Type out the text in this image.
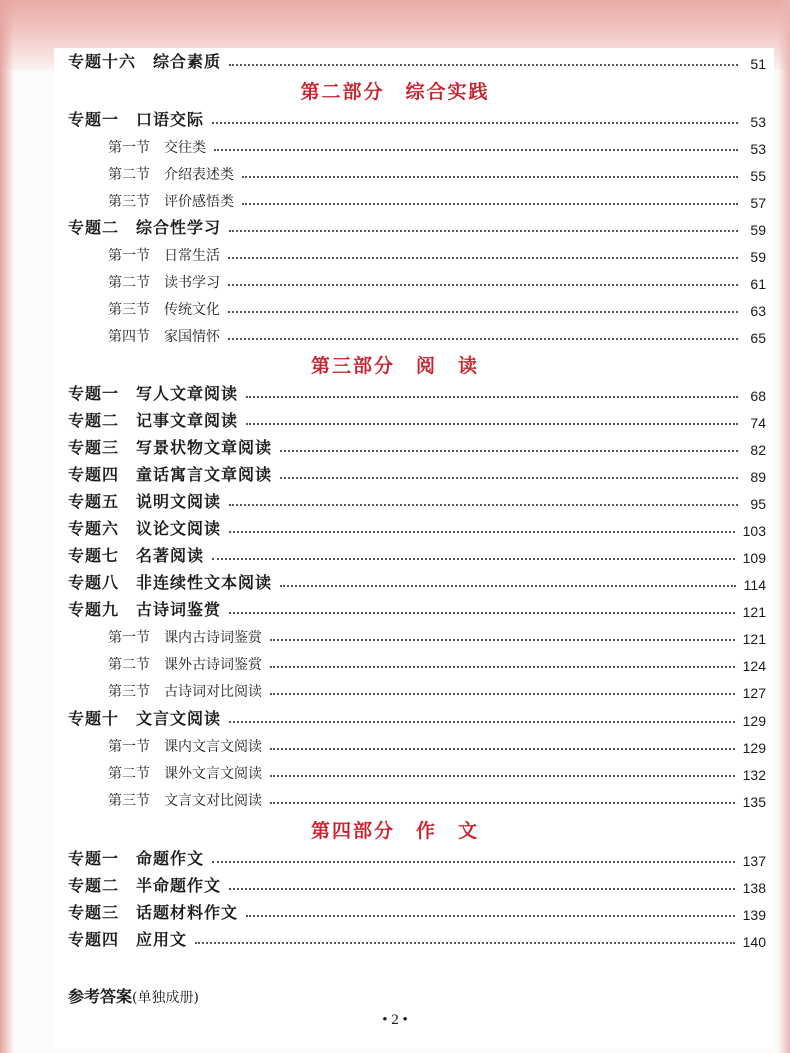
专题十六　综合素质	51
第二部分　综合实践
专题一　口语交际	53
第一节　交往类	53
第二节　介绍表述类	55
第三节　评价感悟类	57
专题二　综合性学习	59
第一节　日常生活	59
第二节　读书学习	61
第三节　传统文化	63
第四节　家国情怀	65
第三部分　阅　读
专题一　写人文章阅读	68
专题二　记事文章阅读	74
专题三　写景状物文章阅读	82
专题四　童话寓言文章阅读	89
专题五　说明文阅读	95
专题六　议论文阅读	103
专题七　名著阅读	109
专题八　非连续性文本阅读	114
专题九　古诗词鉴赏	121
第一节　课内古诗词鉴赏	121
第二节　课外古诗词鉴赏	124
第三节　古诗词对比阅读	127
专题十　文言文阅读	129
第一节　课内文言文阅读	129
第二节　课外文言文阅读	132
第三节　文言文对比阅读	135
第四部分　作　文
专题一　命题作文	137
专题二　半命题作文	138
专题三　话题材料作文	139
专题四　应用文	140
参考答案(单独成册)
• 2 •
